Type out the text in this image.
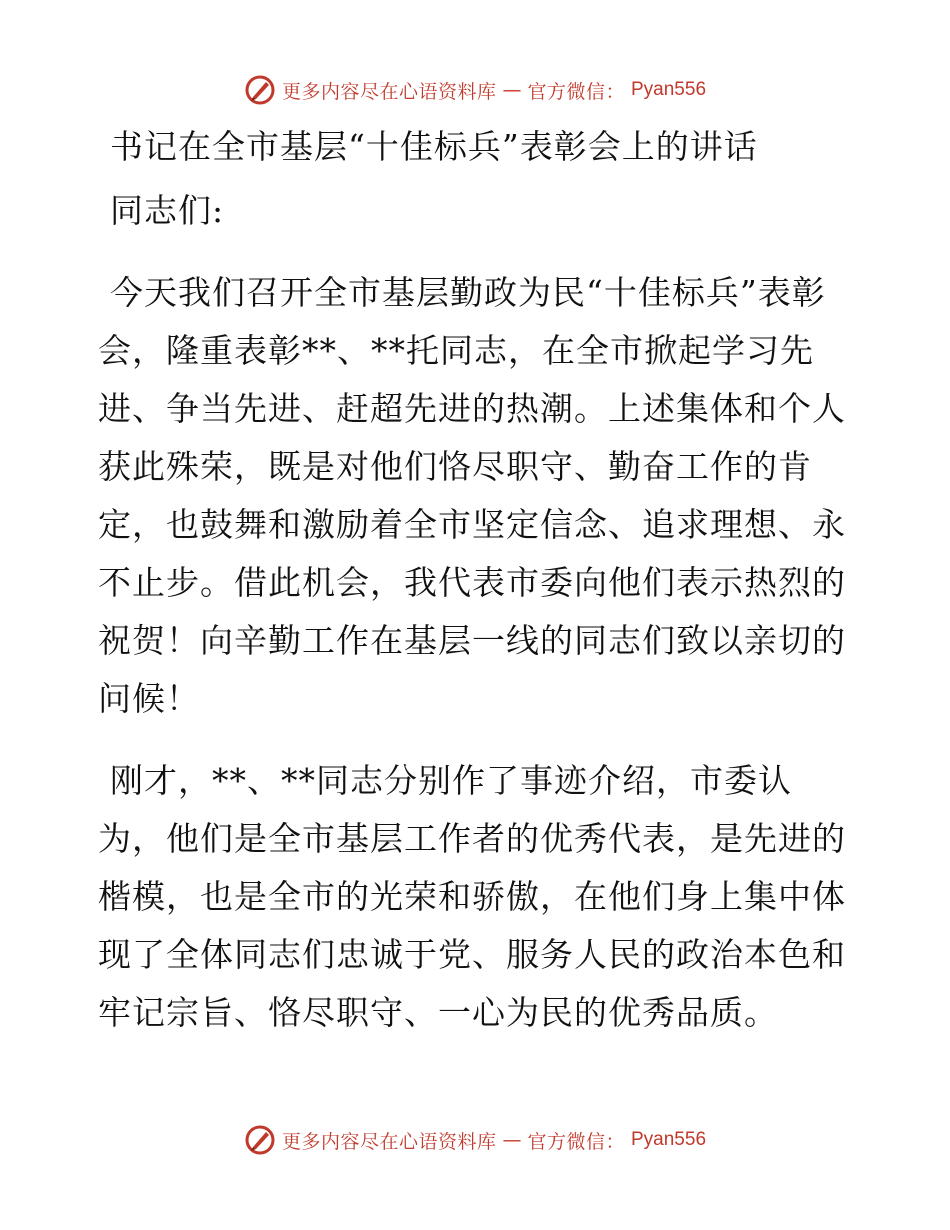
更多内容尽在心语资料库 — 官方微信： Pyan556
书记在全市基层“十佳标兵”表彰会上的讲话

同志们:

今天我们召开全市基层勤政为民“十佳标兵”表彰会，隆重表彰**、**托同志，在全市掀起学习先进、争当先进、赶超先进的热潮。上述集体和个人获此殊荣，既是对他们恪尽职守、勤奋工作的肯定，也鼓舞和激励着全市坚定信念、追求理想、永不止步。借此机会，我代表市委向他们表示热烈的祝贺！向辛勤工作在基层一线的同志们致以亲切的问候！

刚才，**、**同志分别作了事迹介绍，市委认为，他们是全市基层工作者的优秀代表，是先进的楷模，也是全市的光荣和骄傲，在他们身上集中体现了全体同志们忠诚于党、服务人民的政治本色和牢记宗旨、恪尽职守、一心为民的优秀品质。

更多内容尽在心语资料库 — 官方微信： Pyan556
